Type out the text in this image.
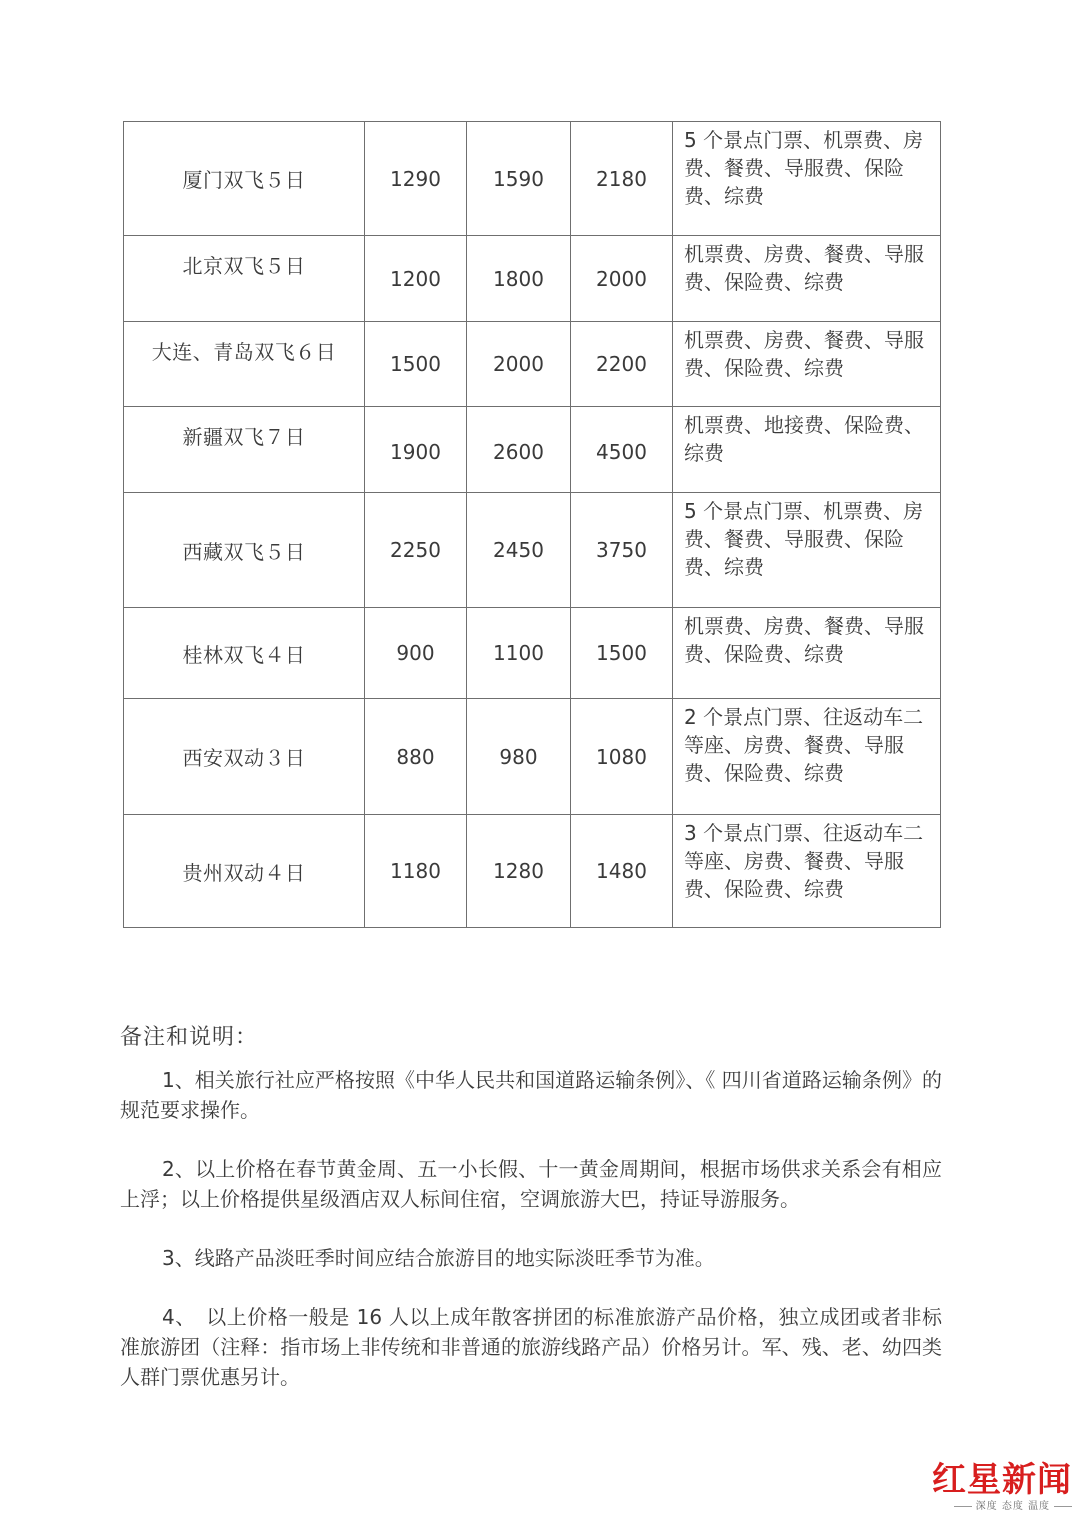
厦门双飞５日	1290	1590	2180	5 个景点门票、机票费、房费、餐费、导服费、保险费、综费

北京双飞５日	1200	1800	2000	机票费、房费、餐费、导服费、保险费、综费

大连、青岛双飞６日	1500	2000	2200	机票费、房费、餐费、导服费、保险费、综费

新疆双飞７日	1900	2600	4500	机票费、地接费、保险费、综费
西藏双飞５日	2250	2450	3750	5 个景点门票、机票费、房费、餐费、导服费、保险费、综费
桂林双飞４日	900	1100	1500	机票费、房费、餐费、导服费、保险费、综费
西安双动３日	880	980	1080	2 个景点门票、往返动车二等座、房费、餐费、导服费、保险费、综费
贵州双动４日	1180	1280	1480	3 个景点门票、往返动车二等座、房费、餐费、导服费、保险费、综费
备注和说明：

1、相关旅行社应严格按照《中华人民共和国道路运输条例》、《 四川省道路运输条例》的规范要求操作。

2、以上价格在春节黄金周、五一小长假、十一黄金周期间，根据市场供求关系会有相应上浮；以上价格提供星级酒店双人标间住宿，空调旅游大巴，持证导游服务。

3、线路产品淡旺季时间应结合旅游目的地实际淡旺季节为准。

4、　以上价格一般是 16 人以上成年散客拼团的标准旅游产品价格，独立成团或者非标准旅游团（注释：指市场上非传统和非普通的旅游线路产品）价格另计。军、残、老、幼四类人群门票优惠另计。

红星新闻
深度 态度 温度
